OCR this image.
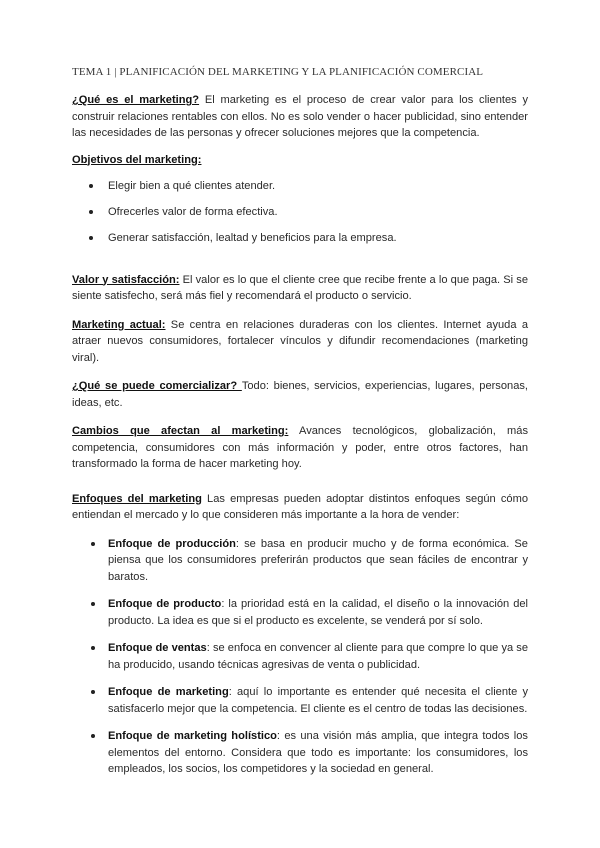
TEMA 1 | PLANIFICACIÓN DEL MARKETING Y LA PLANIFICACIÓN COMERCIAL

¿Qué es el marketing? El marketing es el proceso de crear valor para los clientes y construir relaciones rentables con ellos. No es solo vender o hacer publicidad, sino entender las necesidades de las personas y ofrecer soluciones mejores que la competencia.

Objetivos del marketing:
Elegir bien a qué clientes atender.
Ofrecerles valor de forma efectiva.
Generar satisfacción, lealtad y beneficios para la empresa.

Valor y satisfacción: El valor es lo que el cliente cree que recibe frente a lo que paga. Si se siente satisfecho, será más fiel y recomendará el producto o servicio.

Marketing actual: Se centra en relaciones duraderas con los clientes. Internet ayuda a atraer nuevos consumidores, fortalecer vínculos y difundir recomendaciones (marketing viral).

¿Qué se puede comercializar? Todo: bienes, servicios, experiencias, lugares, personas, ideas, etc.

Cambios que afectan al marketing: Avances tecnológicos, globalización, más competencia, consumidores con más información y poder, entre otros factores, han transformado la forma de hacer marketing hoy.

Enfoques del marketing Las empresas pueden adoptar distintos enfoques según cómo entiendan el mercado y lo que consideren más importante a la hora de vender:

Enfoque de producción: se basa en producir mucho y de forma económica. Se piensa que los consumidores preferirán productos que sean fáciles de encontrar y baratos.
Enfoque de producto: la prioridad está en la calidad, el diseño o la innovación del producto. La idea es que si el producto es excelente, se venderá por sí solo.
Enfoque de ventas: se enfoca en convencer al cliente para que compre lo que ya se ha producido, usando técnicas agresivas de venta o publicidad.
Enfoque de marketing: aquí lo importante es entender qué necesita el cliente y satisfacerlo mejor que la competencia. El cliente es el centro de todas las decisiones.
Enfoque de marketing holístico: es una visión más amplia, que integra todos los elementos del entorno. Considera que todo es importante: los consumidores, los empleados, los socios, los competidores y la sociedad en general.
